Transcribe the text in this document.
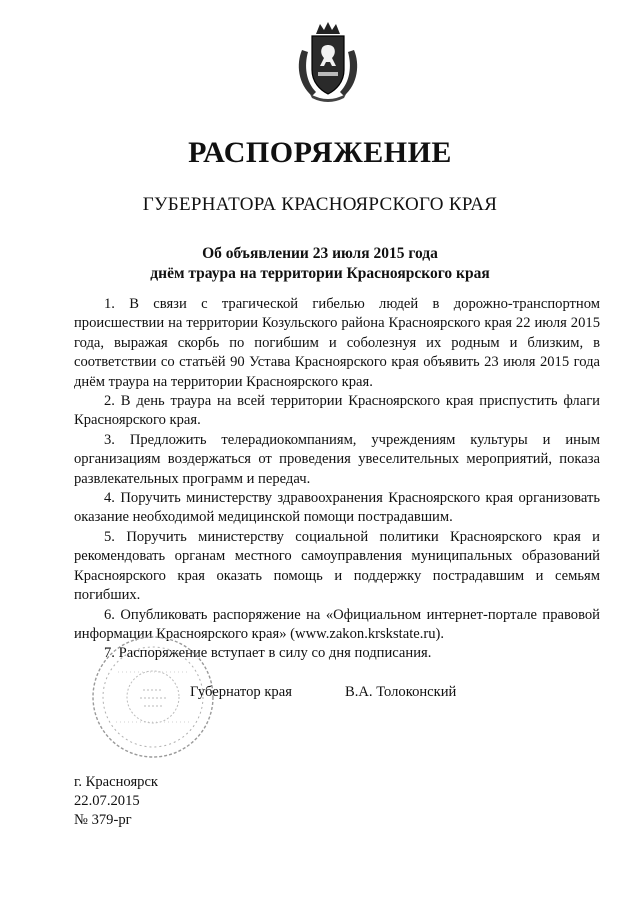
РАСПОРЯЖЕНИЕ
ГУБЕРНАТОРА КРАСНОЯРСКОГО КРАЯ
Об объявлении 23 июля 2015 года
днём траура на территории Красноярского края

1. В связи с трагической гибелью людей в дорожно-транспортном происшествии на территории Козульского района Красноярского края 22 июля 2015 года, выражая скорбь по погибшим и соболезнуя их родным и близким, в соответствии со статьёй 90 Устава Красноярского края объявить 23 июля 2015 года днём траура на территории Красноярского края.

2. В день траура на всей территории Красноярского края приспустить флаги Красноярского края.

3. Предложить телерадиокомпаниям, учреждениям культуры и иным организациям воздержаться от проведения увеселительных мероприятий, показа развлекательных программ и передач.

4. Поручить министерству здравоохранения Красноярского края организовать оказание необходимой медицинской помощи пострадавшим.

5. Поручить министерству социальной политики Красноярского края и рекомендовать органам местного самоуправления муниципальных образований Красноярского края оказать помощь и поддержку пострадавшим и семьям погибших.

6. Опубликовать распоряжение на «Официальном интернет-портале правовой информации Красноярского края» (www.zakon.krskstate.ru).

7. Распоряжение вступает в силу со дня подписания.

Губернатор края	В.А. Толоконский
г. Красноярск
22.07.2015
№ 379-рг
